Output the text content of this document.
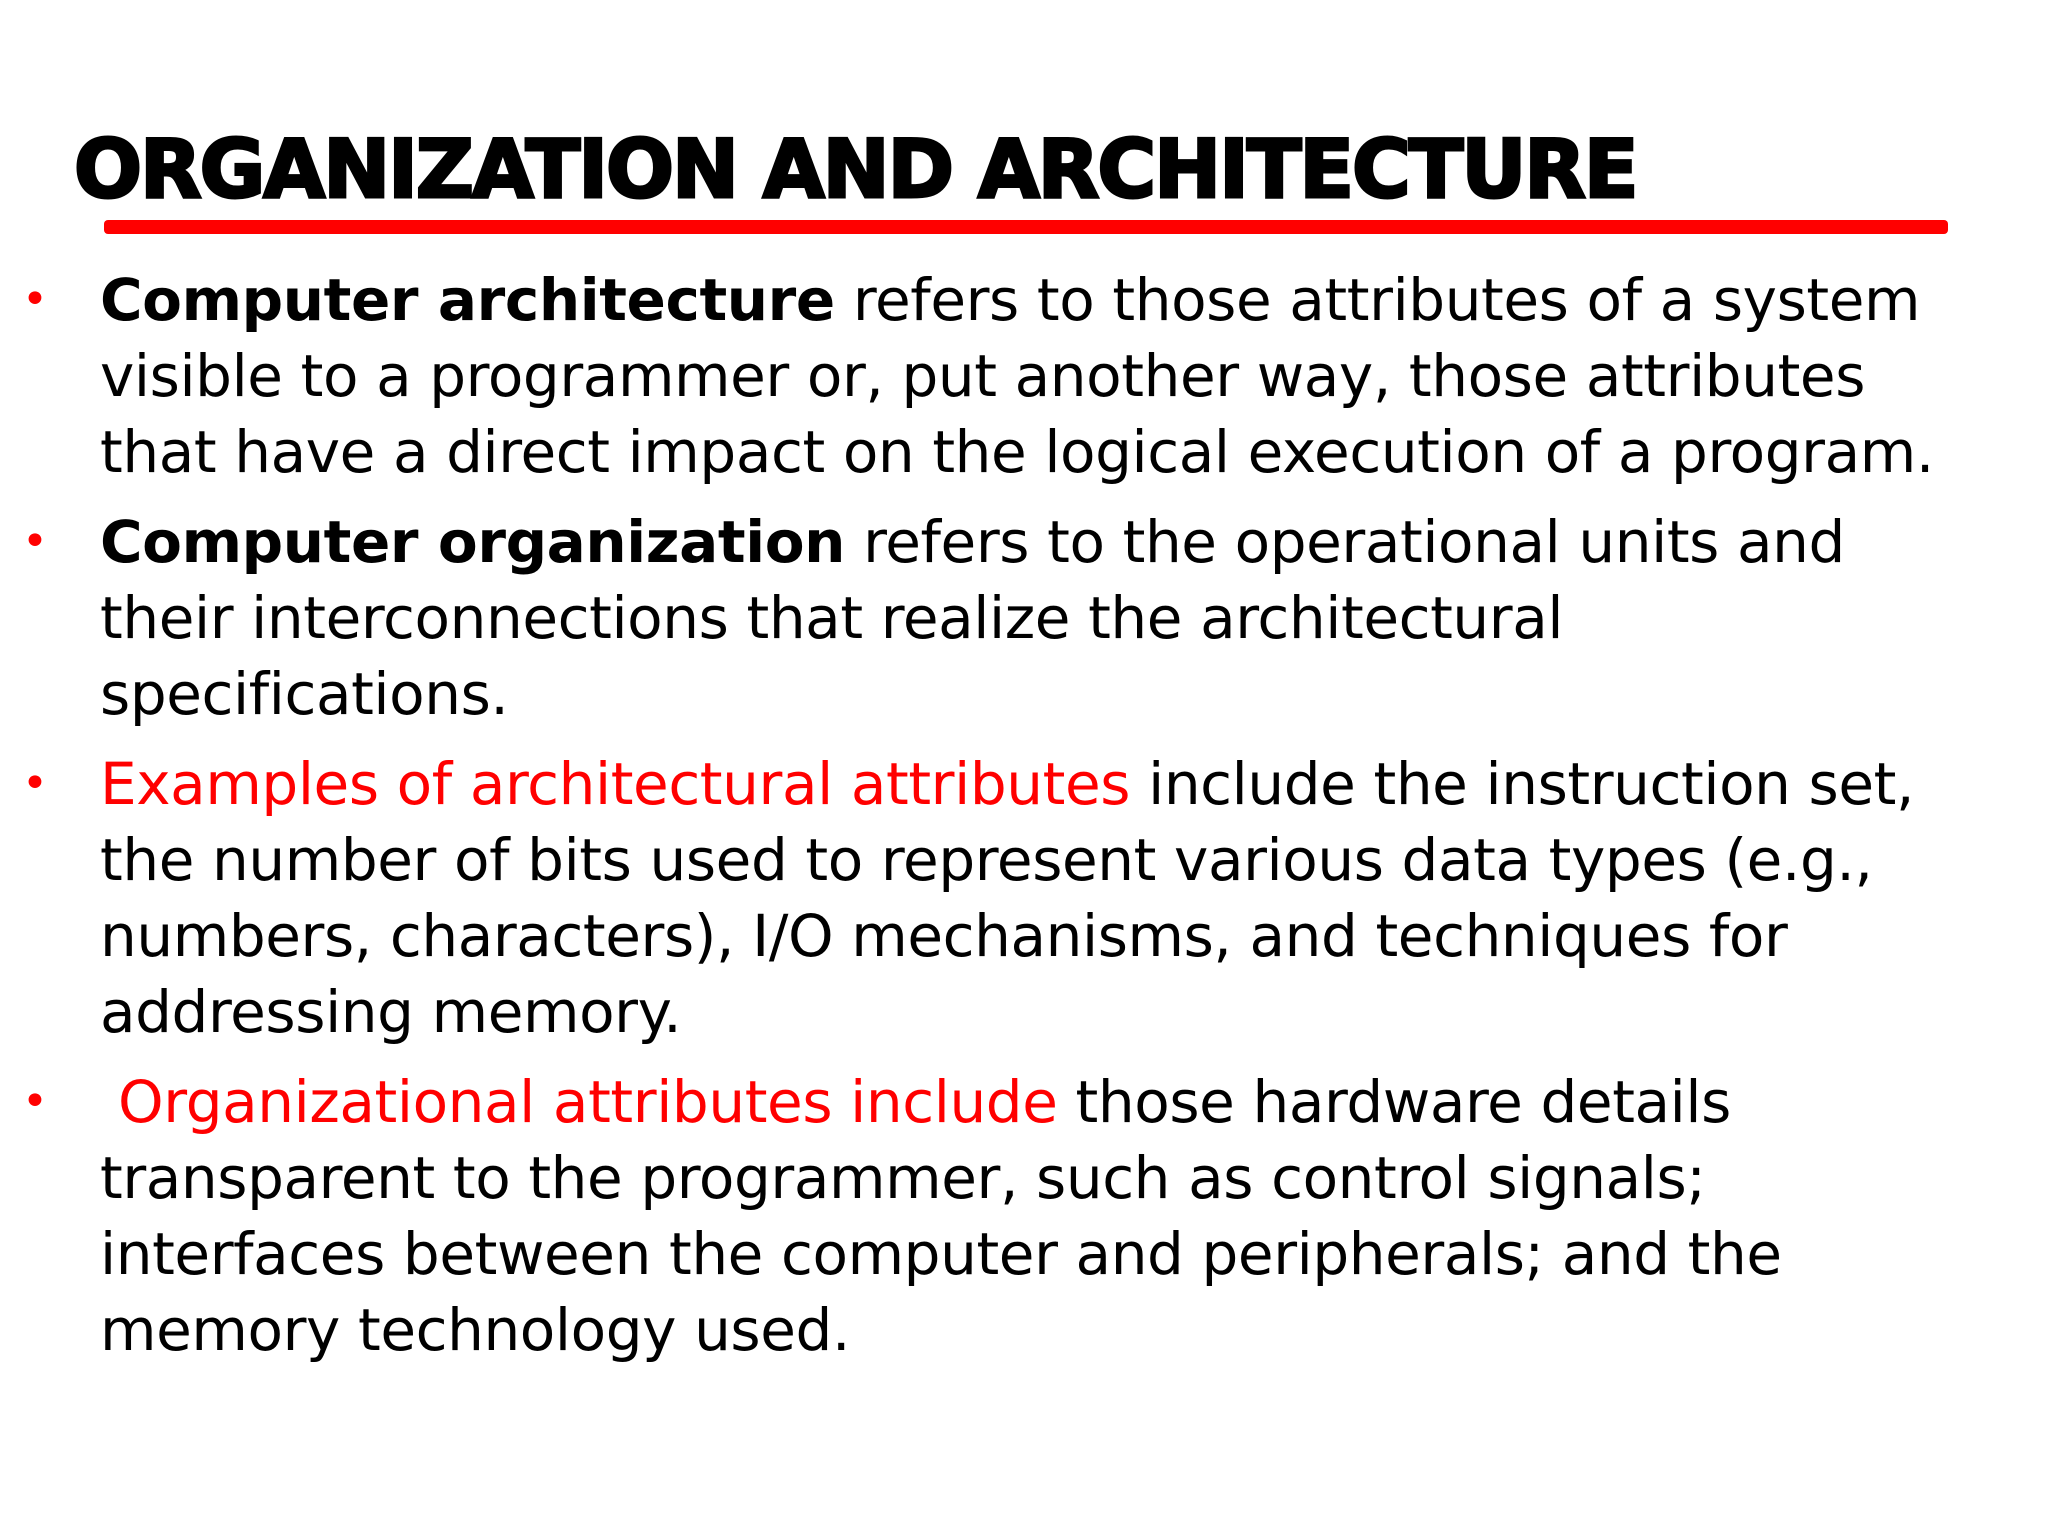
ORGANIZATION AND ARCHITECTURE
• Computer architecture refers to those attributes of a system visible to a programmer or, put another way, those attributes that have a direct impact on the logical execution of a program.
• Computer organization refers to the operational units and their interconnections that realize the architectural specifications.
• Examples of architectural attributes include the instruction set, the number of bits used to represent various data types (e.g., numbers, characters), I/O mechanisms, and techniques for addressing memory.
• Organizational attributes include those hardware details transparent to the programmer, such as control signals; interfaces between the computer and peripherals; and the memory technology used.
